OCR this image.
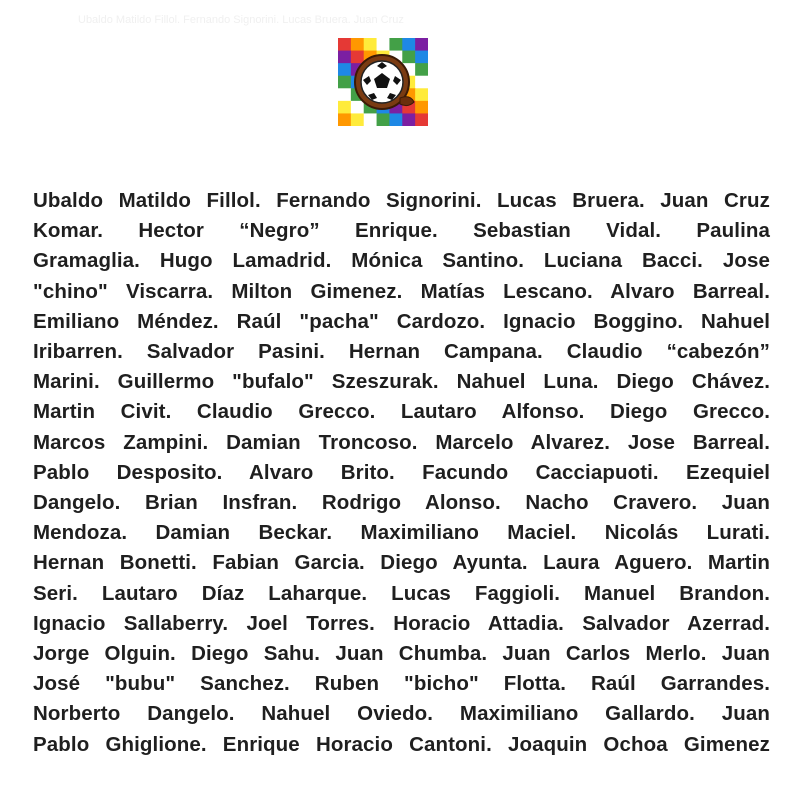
Ubaldo Matildo Fillol. Fernando Signorini. Lucas Bruera. Juan Cruz
Ubaldo Matildo Fillol. Fernando Signorini. Lucas Bruera. Juan Cruz
Komar. Hector “Negro” Enrique. Sebastian Vidal. Paulina
Gramaglia. Hugo Lamadrid. Mónica Santino. Luciana Bacci. Jose
"chino" Viscarra. Milton Gimenez. Matías Lescano. Alvaro Barreal.
Emiliano Méndez. Raúl "pacha" Cardozo. Ignacio Boggino. Nahuel
Iribarren. Salvador Pasini. Hernan Campana. Claudio “cabezón”
Marini. Guillermo "bufalo" Szeszurak. Nahuel Luna. Diego Chávez.
Martin Civit. Claudio Grecco. Lautaro Alfonso. Diego Grecco.
Marcos Zampini. Damian Troncoso. Marcelo Alvarez. Jose Barreal.
Pablo Desposito. Alvaro Brito. Facundo Cacciapuoti. Ezequiel
Dangelo. Brian Insfran. Rodrigo Alonso. Nacho Cravero. Juan
Mendoza. Damian Beckar. Maximiliano Maciel. Nicolás Lurati.
Hernan Bonetti. Fabian Garcia. Diego Ayunta. Laura Aguero. Martin
Seri. Lautaro Díaz Laharque. Lucas Faggioli. Manuel Brandon.
Ignacio Sallaberry. Joel Torres. Horacio Attadia. Salvador Azerrad.
Jorge Olguin. Diego Sahu. Juan Chumba. Juan Carlos Merlo. Juan
José "bubu" Sanchez. Ruben "bicho" Flotta. Raúl Garrandes.
Norberto Dangelo. Nahuel Oviedo. Maximiliano Gallardo. Juan
Pablo Ghiglione. Enrique Horacio Cantoni. Joaquin Ochoa Gimenez
